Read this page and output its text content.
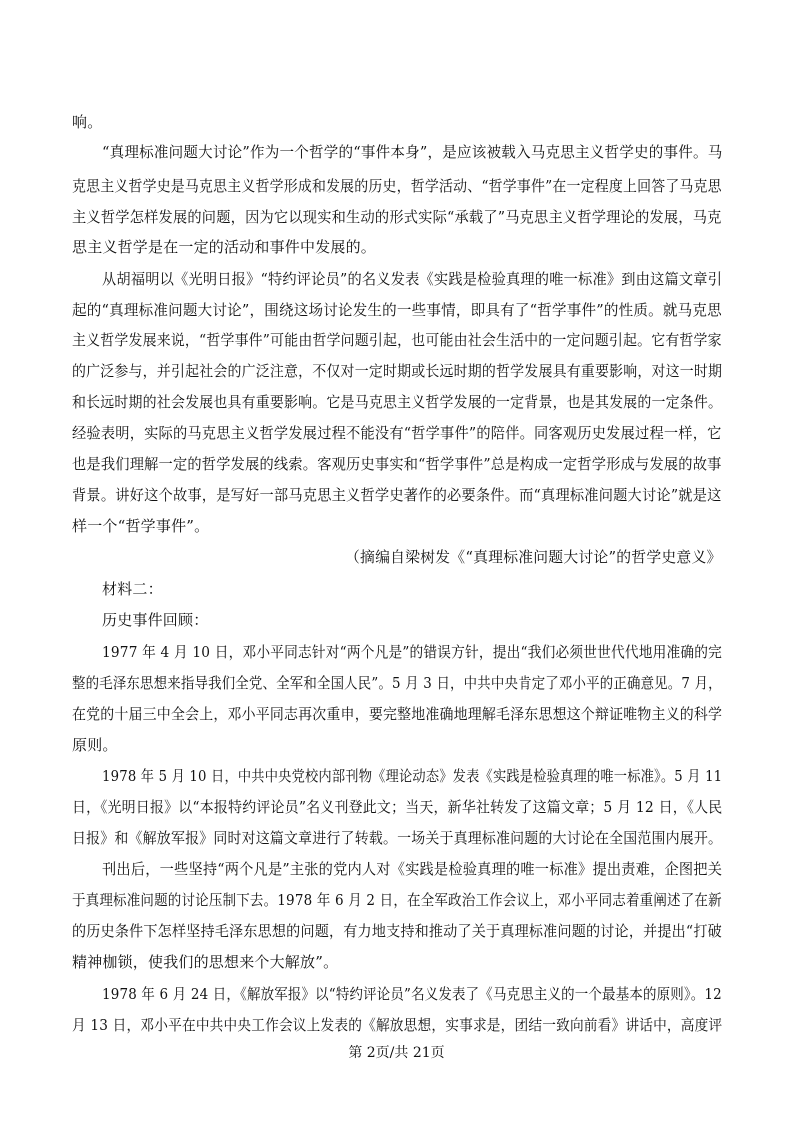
响。
“真理标准问题大讨论”作为一个哲学的“事件本身”，是应该被载入马克思主义哲学史的事件。马
克思主义哲学史是马克思主义哲学形成和发展的历史，哲学活动、“哲学事件”在一定程度上回答了马克思
主义哲学怎样发展的问题，因为它以现实和生动的形式实际“承载了”马克思主义哲学理论的发展，马克
思主义哲学是在一定的活动和事件中发展的。
从胡福明以《光明日报》“特约评论员”的名义发表《实践是检验真理的唯一标准》到由这篇文章引
起的“真理标准问题大讨论”，围绕这场讨论发生的一些事情，即具有了“哲学事件”的性质。就马克思
主义哲学发展来说，“哲学事件”可能由哲学问题引起，也可能由社会生活中的一定问题引起。它有哲学家
的广泛参与，并引起社会的广泛注意，不仅对一定时期或长远时期的哲学发展具有重要影响，对这一时期
和长远时期的社会发展也具有重要影响。它是马克思主义哲学发展的一定背景，也是其发展的一定条件。
经验表明，实际的马克思主义哲学发展过程不能没有“哲学事件”的陪伴。同客观历史发展过程一样，它
也是我们理解一定的哲学发展的线索。客观历史事实和“哲学事件”总是构成一定哲学形成与发展的故事
背景。讲好这个故事，是写好一部马克思主义哲学史著作的必要条件。而“真理标准问题大讨论”就是这
样一个“哲学事件”。
（摘编自梁树发《“真理标准问题大讨论”的哲学史意义》
材料二：
历史事件回顾：
1977 年 4 月 10 日，邓小平同志针对“两个凡是”的错误方针，提出“我们必须世世代代地用准确的完
整的毛泽东思想来指导我们全党、全军和全国人民”。5 月 3 日，中共中央肯定了邓小平的正确意见。7 月，
在党的十届三中全会上，邓小平同志再次重申，要完整地准确地理解毛泽东思想这个辩证唯物主义的科学
原则。
1978 年 5 月 10 日，中共中央党校内部刊物《理论动态》发表《实践是检验真理的唯一标准》。5 月 11
日，《光明日报》以“本报特约评论员”名义刊登此文；当天，新华社转发了这篇文章；5 月 12 日，《人民
日报》和《解放军报》同时对这篇文章进行了转载。一场关于真理标准问题的大讨论在全国范围内展开。
刊出后，一些坚持“两个凡是”主张的党内人对《实践是检验真理的唯一标准》提出责难，企图把关
于真理标准问题的讨论压制下去。1978 年 6 月 2 日，在全军政治工作会议上，邓小平同志着重阐述了在新
的历史条件下怎样坚持毛泽东思想的问题，有力地支持和推动了关于真理标准问题的讨论，并提出“打破
精神枷锁，使我们的思想来个大解放”。
1978 年 6 月 24 日，《解放军报》以“特约评论员”名义发表了《马克思主义的一个最基本的原则》。12
月 13 日，邓小平在中共中央工作会议上发表的《解放思想，实事求是，团结一致向前看》讲话中，高度评
第 2页/共 21页
